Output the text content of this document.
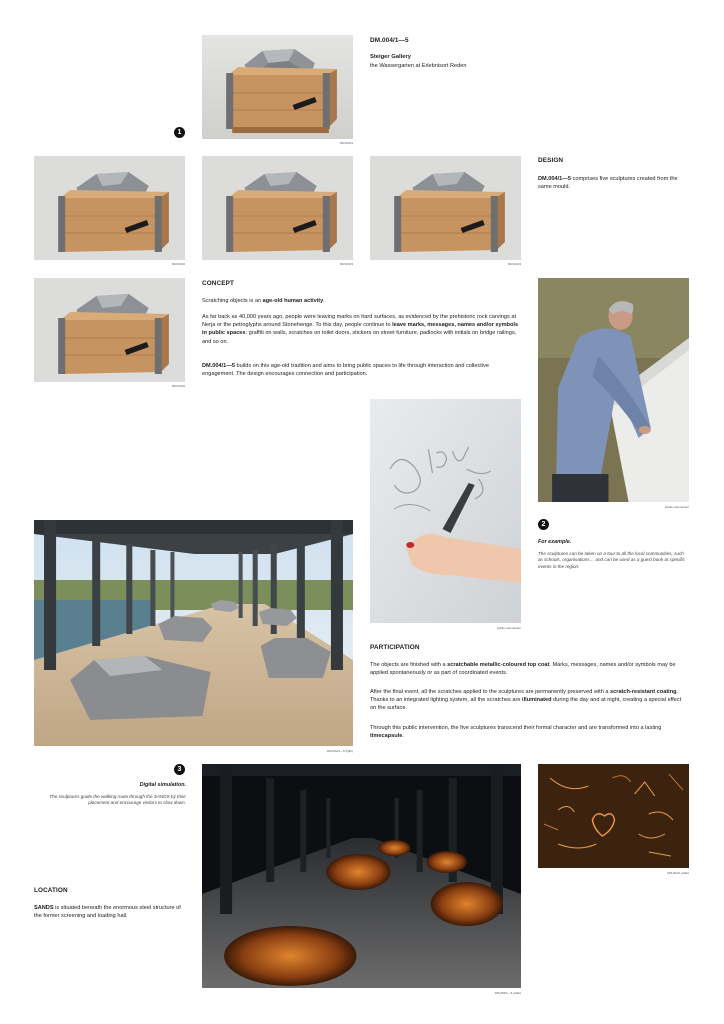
DM.004/1
1
DM.004/1—5
Steiger Gallery
the Wassergarten at Erlebnisort Reden
DM.004/2	DM.004/3	DM.004/4
DESIGN
DM.004/1—5 comprises five sculptures created from the same mould.
DM.004/5
CONCEPT
Scratching objects is an age-old human activity.
As far back as 40,000 years ago, people were leaving marks on hard surfaces, as evidenced by the prehistoric rock carvings at Nerja or the petroglyphs around Stonehenge. To this day, people continue to leave marks, messages, names and/or symbols in public spaces: graffiti on walls, scratches on toilet doors, stickers on street furniture, padlocks with initials on bridge railings, and so on.
DM.004/1—5 builds on this age-old tradition and aims to bring public spaces to life through interaction and collective engagement. The design encourages connection and participation.
public intervention
public intervention
2
For example.
The sculptures can be taken on a tour to all the local communities, such as schools, organisations… and can be used as a guest book at specific events in the region.
DM.004/1—5 (light)
PARTICIPATION
The objects are finished with a scratchable metallic-coloured top coat. Marks, messages, names and/or symbols may be applied spontaneously or as part of coordinated events.
After the final event, all the scratches applied to the sculptures are permanently preserved with a scratch-resistant coating. Thanks to an integrated lighting system, all the scratches are illuminated during the day and at night, creating a special effect on the surface.
Through this public intervention, the five sculptures transcend their formal character and are transformed into a lasting timecapsule.
3
Digital simulation.
The sculptures guide the walking route through the SANDS by their placement and encourage visitors to slow down.
DM.004/1—5 (dark)
DM.004/1 (dark)
LOCATION
SANDS is situated beneath the enormous steel structure of the former screening and loading hall.
